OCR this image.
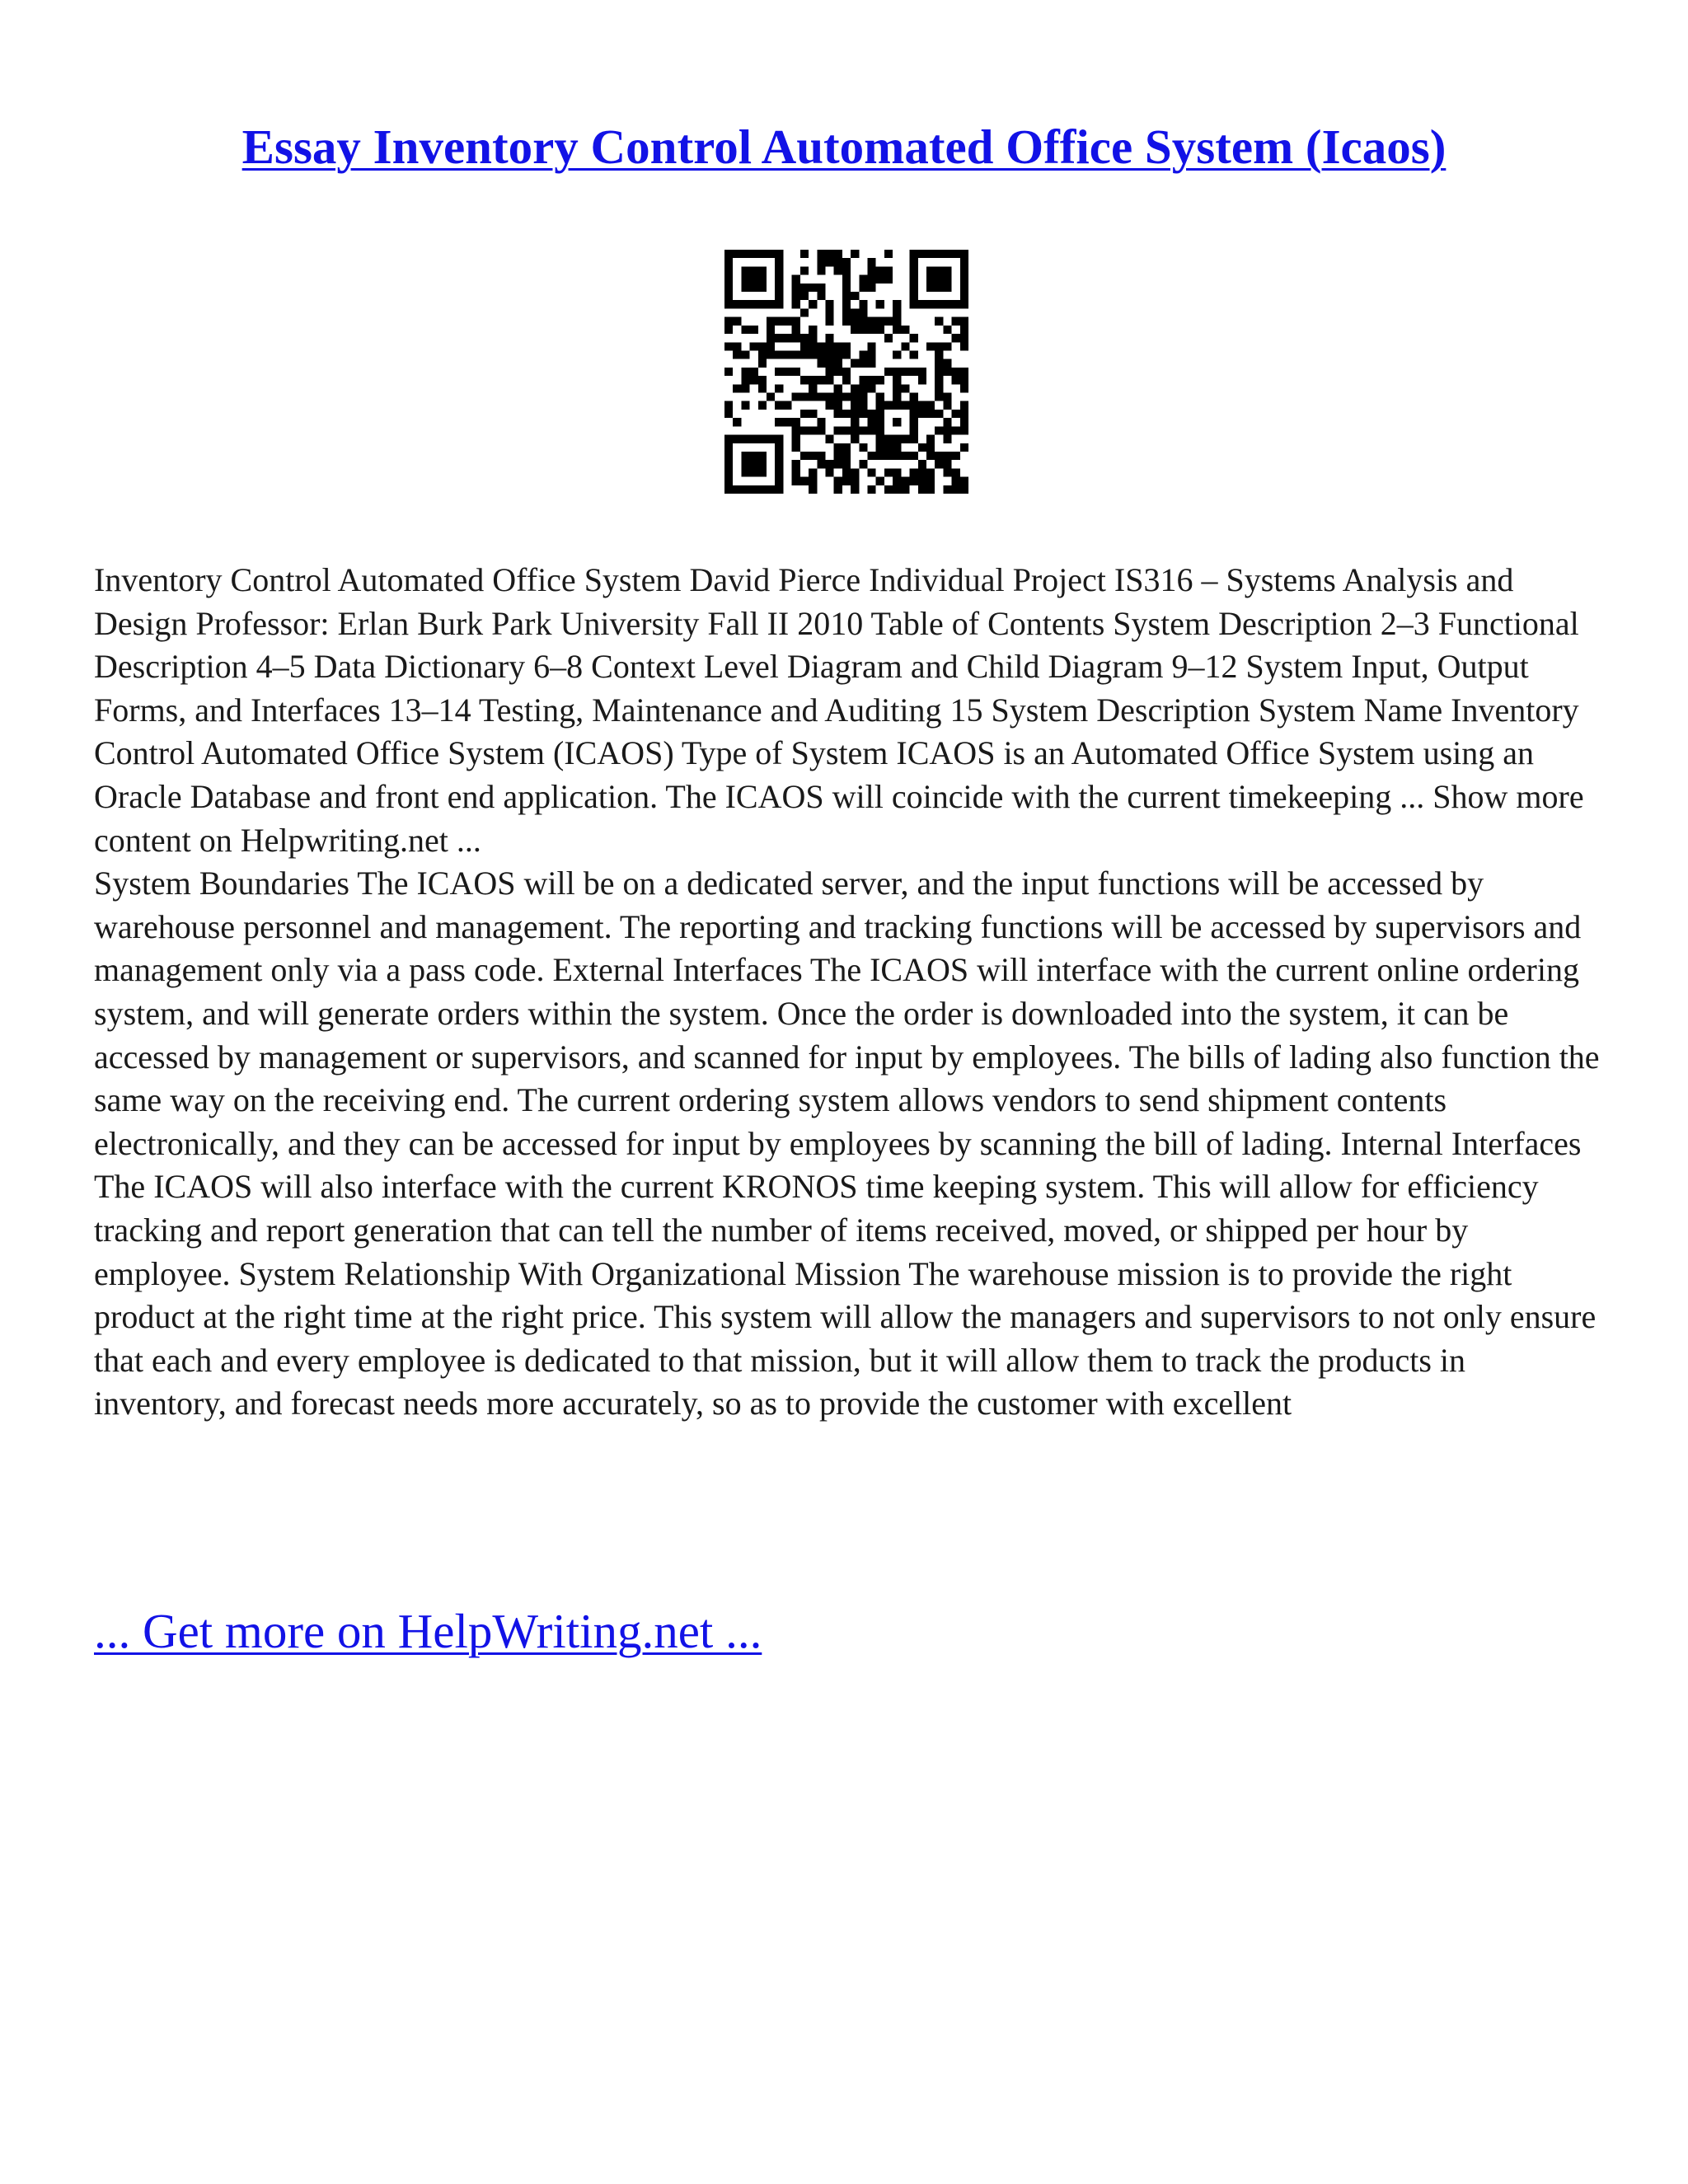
Essay Inventory Control Automated Office System (Icaos)

Inventory Control Automated Office System David Pierce Individual Project IS316 – Systems Analysis and Design Professor: Erlan Burk Park University Fall II 2010 Table of Contents System Description 2–3 Functional Description 4–5 Data Dictionary 6–8 Context Level Diagram and Child Diagram 9–12 System Input, Output Forms, and Interfaces 13–14 Testing, Maintenance and Auditing 15 System Description System Name Inventory Control Automated Office System (ICAOS) Type of System ICAOS is an Automated Office System using an Oracle Database and front end application. The ICAOS will coincide with the current timekeeping ... Show more content on Helpwriting.net ...

System Boundaries The ICAOS will be on a dedicated server, and the input functions will be accessed by warehouse personnel and management. The reporting and tracking functions will be accessed by supervisors and management only via a pass code. External Interfaces The ICAOS will interface with the current online ordering system, and will generate orders within the system. Once the order is downloaded into the system, it can be accessed by management or supervisors, and scanned for input by employees. The bills of lading also function the same way on the receiving end. The current ordering system allows vendors to send shipment contents electronically, and they can be accessed for input by employees by scanning the bill of lading. Internal Interfaces The ICAOS will also interface with the current KRONOS time keeping system. This will allow for efficiency tracking and report generation that can tell the number of items received, moved, or shipped per hour by employee. System Relationship With Organizational Mission The warehouse mission is to provide the right product at the right time at the right price. This system will allow the managers and supervisors to not only ensure that each and every employee is dedicated to that mission, but it will allow them to track the products in inventory, and forecast needs more accurately, so as to provide the customer with excellent

... Get more on HelpWriting.net ...
